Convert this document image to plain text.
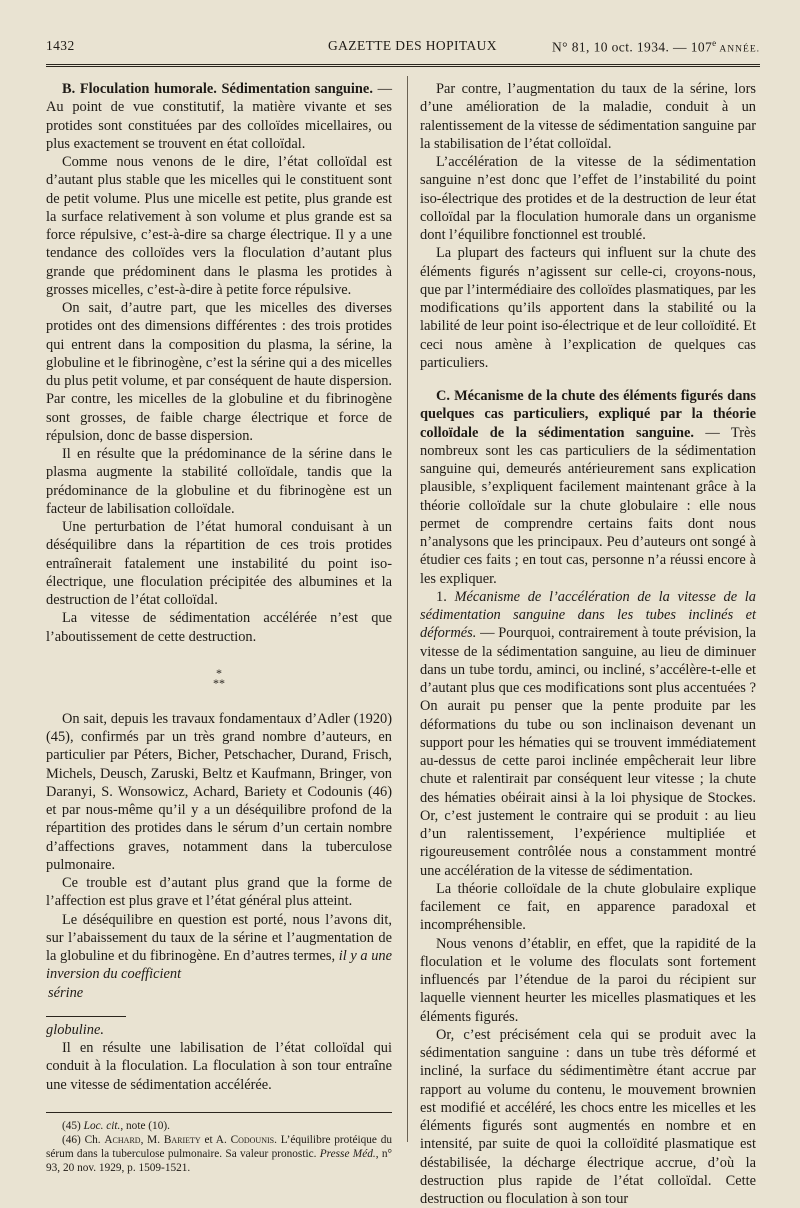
1432	GAZETTE DES HOPITAUX	N° 81, 10 oct. 1934. — 107e ANNÉE.

B. Floculation humorale. Sédimentation sanguine. — Au point de vue constitutif, la matière vivante et ses protides sont constituées par des colloïdes micellaires, ou plus exactement se trouvent en état colloïdal.

Comme nous venons de le dire, l’état colloïdal est d’autant plus stable que les micelles qui le constituent sont de petit volume. Plus une micelle est petite, plus grande est la surface relativement à son volume et plus grande est sa force répulsive, c’est-à-dire sa charge électrique. Il y a une tendance des colloïdes vers la floculation d’autant plus grande que prédominent dans le plasma les protides à grosses micelles, c’est-à-dire à petite force répulsive.

On sait, d’autre part, que les micelles des diverses protides ont des dimensions différentes : des trois protides qui entrent dans la composition du plasma, la sérine, la globuline et le fibrinogène, c’est la sérine qui a des micelles du plus petit volume, et par conséquent de haute dispersion. Par contre, les micelles de la globuline et du fibrinogène sont grosses, de faible charge électrique et force de répulsion, donc de basse dispersion.

Il en résulte que la prédominance de la sérine dans le plasma augmente la stabilité colloïdale, tandis que la prédominance de la globuline et du fibrinogène est un facteur de labilisation colloïdale.

Une perturbation de l’état humoral conduisant à un déséquilibre dans la répartition de ces trois protides entraînerait fatalement une instabilité du point iso-électrique, une floculation précipitée des albumines et la destruction de l’état colloïdal.

La vitesse de sédimentation accélérée n’est que l’aboutissement de cette destruction.

*
**

On sait, depuis les travaux fondamentaux d’Adler (1920) (45), confirmés par un très grand nombre d’auteurs, en particulier par Péters, Bicher, Petschacher, Durand, Frisch, Michels, Deusch, Zaruski, Beltz et Kaufmann, Bringer, von Daranyi, S. Wonsowicz, Achard, Bariety et Codounis (46) et par nous-même qu’il y a un déséquilibre profond de la répartition des protides dans le sérum d’un certain nombre d’affections graves, notamment dans la tuberculose pulmonaire.

Ce trouble est d’autant plus grand que la forme de l’affection est plus grave et l’état général plus atteint.

Le déséquilibre en question est porté, nous l’avons dit, sur l’abaissement du taux de la sérine et l’augmentation de la globuline et du fibrinogène. En d’autres termes, il y a une inversion du coefficient

sérine

globuline.

Il en résulte une labilisation de l’état colloïdal qui conduit à la floculation. La floculation à son tour entraîne une vitesse de sédimentation accélérée.

(45) Loc. cit., note (10).

(46) Ch. Achard, M. Bariety et A. Codounis. L’équilibre protéique du sérum dans la tuberculose pulmonaire. Sa valeur pronostic. Presse Méd., n° 93, 20 nov. 1929, p. 1509-1521.

Par contre, l’augmentation du taux de la sérine, lors d’une amélioration de la maladie, conduit à un ralentissement de la vitesse de sédimentation sanguine par la stabilisation de l’état colloïdal.

L’accélération de la vitesse de la sédimentation sanguine n’est donc que l’effet de l’instabilité du point iso-électrique des protides et de la destruction de leur état colloïdal par la floculation humorale dans un organisme dont l’équilibre fonctionnel est troublé.

La plupart des facteurs qui influent sur la chute des éléments figurés n’agissent sur celle-ci, croyons-nous, que par l’intermédiaire des colloïdes plasmatiques, par les modifications qu’ils apportent dans la stabilité ou la labilité de leur point iso-électrique et de leur colloïdité. Et ceci nous amène à l’explication de quelques cas particuliers.

C. Mécanisme de la chute des éléments figurés dans quelques cas particuliers, expliqué par la théorie colloïdale de la sédimentation sanguine. — Très nombreux sont les cas particuliers de la sédimentation sanguine qui, demeurés antérieurement sans explication plausible, s’expliquent facilement maintenant grâce à la théorie colloïdale sur la chute globulaire : elle nous permet de comprendre certains faits dont nous n’analysons que les principaux. Peu d’auteurs ont songé à étudier ces faits ; en tout cas, personne n’a réussi encore à les expliquer.

1. Mécanisme de l’accélération de la vitesse de la sédimentation sanguine dans les tubes inclinés et déformés. — Pourquoi, contrairement à toute prévision, la vitesse de la sédimentation sanguine, au lieu de diminuer dans un tube tordu, aminci, ou incliné, s’accélère-t-elle et d’autant plus que ces modifications sont plus accentuées ? On aurait pu penser que la pente produite par les déformations du tube ou son inclinaison devenant un support pour les hématies qui se trouvent immédiatement au-dessus de cette paroi inclinée empêcherait leur libre chute et ralentirait par conséquent leur vitesse ; la chute des hématies obéirait ainsi à la loi physique de Stockes. Or, c’est justement le contraire qui se produit : au lieu d’un ralentissement, l’expérience multipliée et rigoureusement contrôlée nous a constamment montré une accélération de la vitesse de sédimentation.

La théorie colloïdale de la chute globulaire explique facilement ce fait, en apparence paradoxal et incompréhensible.

Nous venons d’établir, en effet, que la rapidité de la floculation et le volume des floculats sont fortement influencés par l’étendue de la paroi du récipient sur laquelle viennent heurter les micelles plasmatiques et les éléments figurés.

Or, c’est précisément cela qui se produit avec la sédimentation sanguine : dans un tube très déformé et incliné, la surface du sédimentimètre étant accrue par rapport au volume du contenu, le mouvement brownien est modifié et accéléré, les chocs entre les micelles et les éléments figurés sont augmentés en nombre et en intensité, par suite de quoi la colloïdité plasmatique est déstabilisée, la décharge électrique accrue, d’où la destruction plus rapide de l’état colloïdal. Cette destruction ou floculation à son tour
